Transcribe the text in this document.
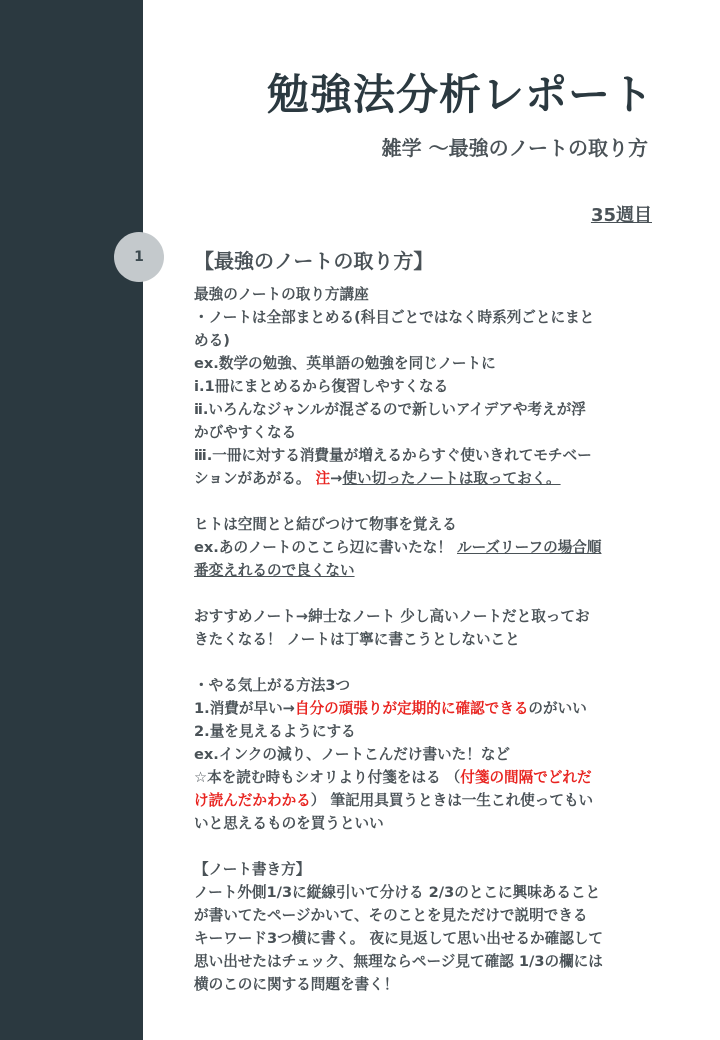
勉強法分析レポート
雑学 〜最強のノートの取り方
35週目
1	【最強のノートの取り方】

最強のノートの取り方講座

・ノートは全部まとめる(科目ごとではなく時系列ごとにまと

める)

ex.数学の勉強、英単語の勉強を同じノートに

ⅰ.1冊にまとめるから復習しやすくなる

ⅱ.いろんなジャンルが混ざるので新しいアイデアや考えが浮

かびやすくなる

ⅲ.一冊に対する消費量が増えるからすぐ使いきれてモチベー

ションがあがる。 注→使い切ったノートは取っておく。

ヒトは空間とと結びつけて物事を覚える

ex.あのノートのここら辺に書いたな！ ルーズリーフの場合順

番変えれるので良くない

おすすめノート→紳士なノート 少し高いノートだと取ってお

きたくなる！ ノートは丁寧に書こうとしないこと

・やる気上がる方法3つ

1.消費が早い→自分の頑張りが定期的に確認できるのがいい

2.量を見えるようにする

ex.インクの減り、ノートこんだけ書いた！など

☆本を読む時もシオリより付箋をはる （付箋の間隔でどれだ

け読んだかわかる） 筆記用具買うときは一生これ使ってもい

いと思えるものを買うといい

【ノート書き方】

ノート外側1/3に縦線引いて分ける 2/3のとこに興味あること

が書いてたページかいて、そのことを見ただけで説明できる

キーワード3つ横に書く。 夜に見返して思い出せるか確認して

思い出せたはチェック、無理ならページ見て確認 1/3の欄には

横のこのに関する問題を書く！
